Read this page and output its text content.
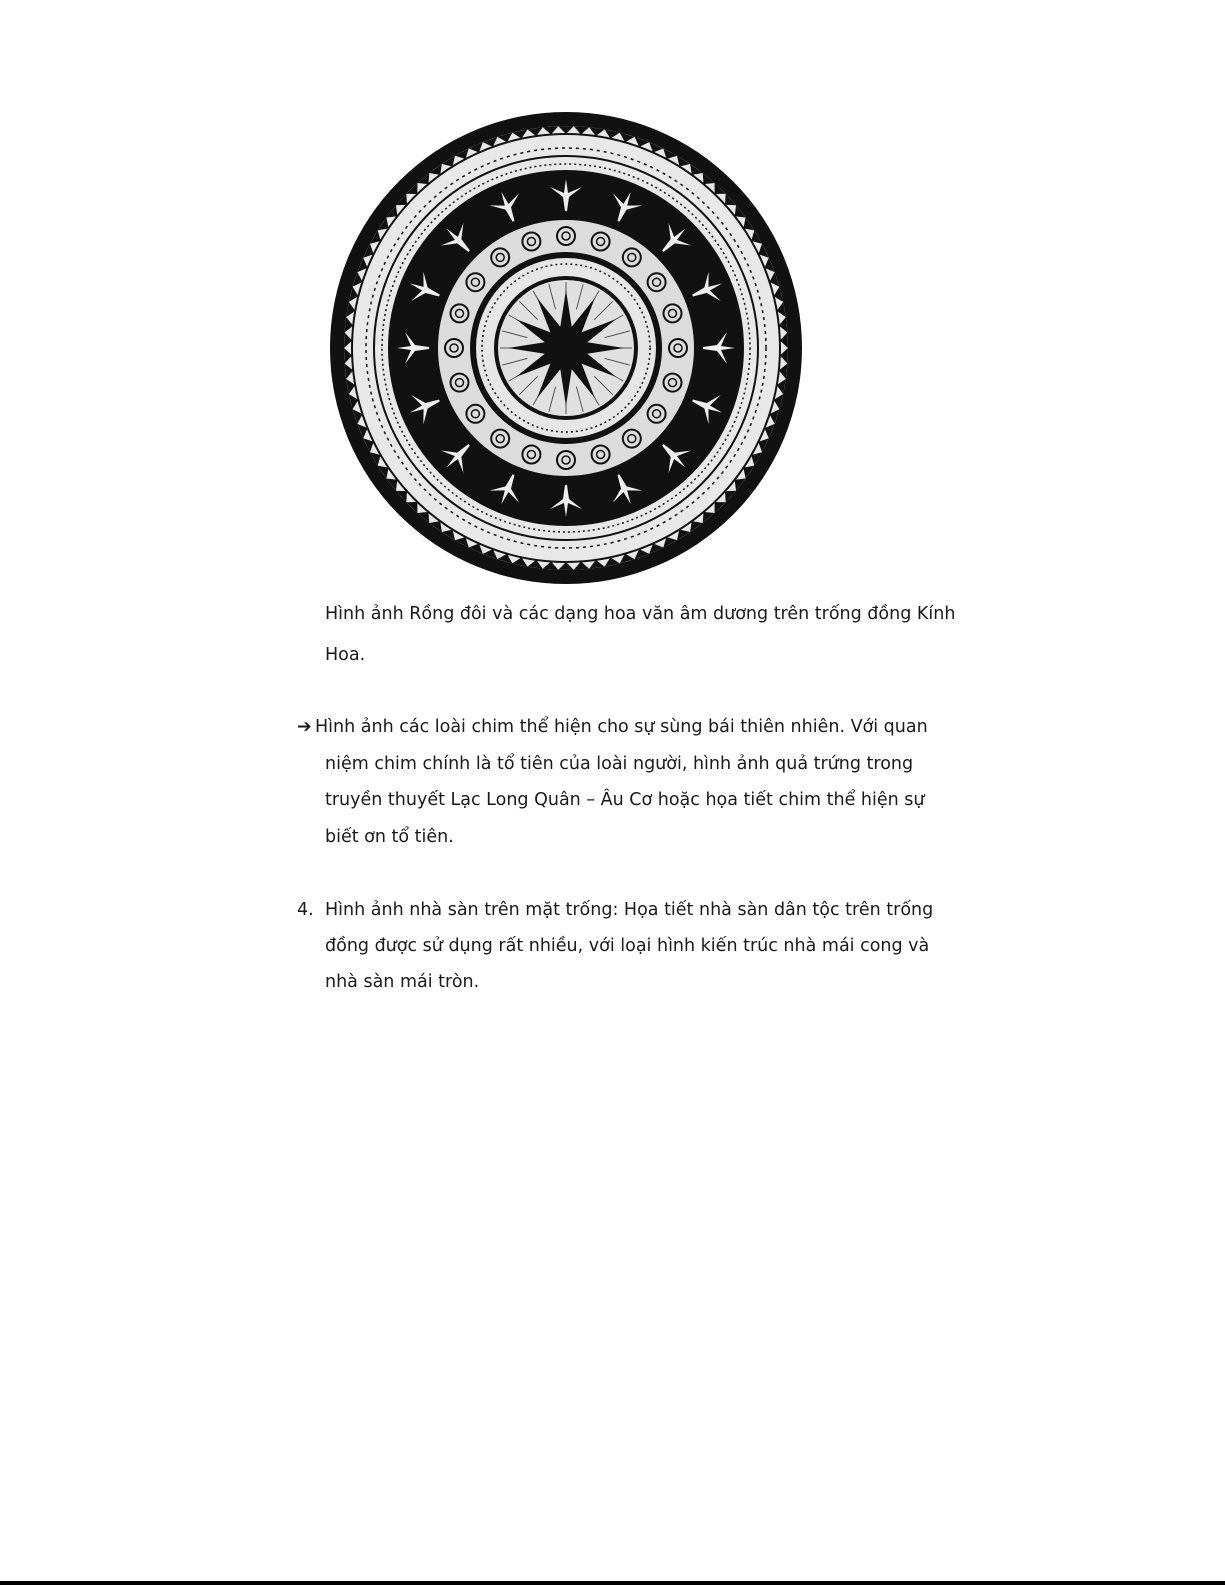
Hình ảnh Rồng đôi và các dạng hoa văn âm dương trên trống đồng Kính

Hoa.

➔ Hình ảnh các loài chim thể hiện cho sự sùng bái thiên nhiên. Với quan

niệm chim chính là tổ tiên của loài người, hình ảnh quả trứng trong

truyền thuyết Lạc Long Quân – Âu Cơ hoặc họa tiết chim thể hiện sự

biết ơn tổ tiên.

4. Hình ảnh nhà sàn trên mặt trống: Họa tiết nhà sàn dân tộc trên trống

đồng được sử dụng rất nhiều, với loại hình kiến trúc nhà mái cong và

nhà sàn mái tròn.
